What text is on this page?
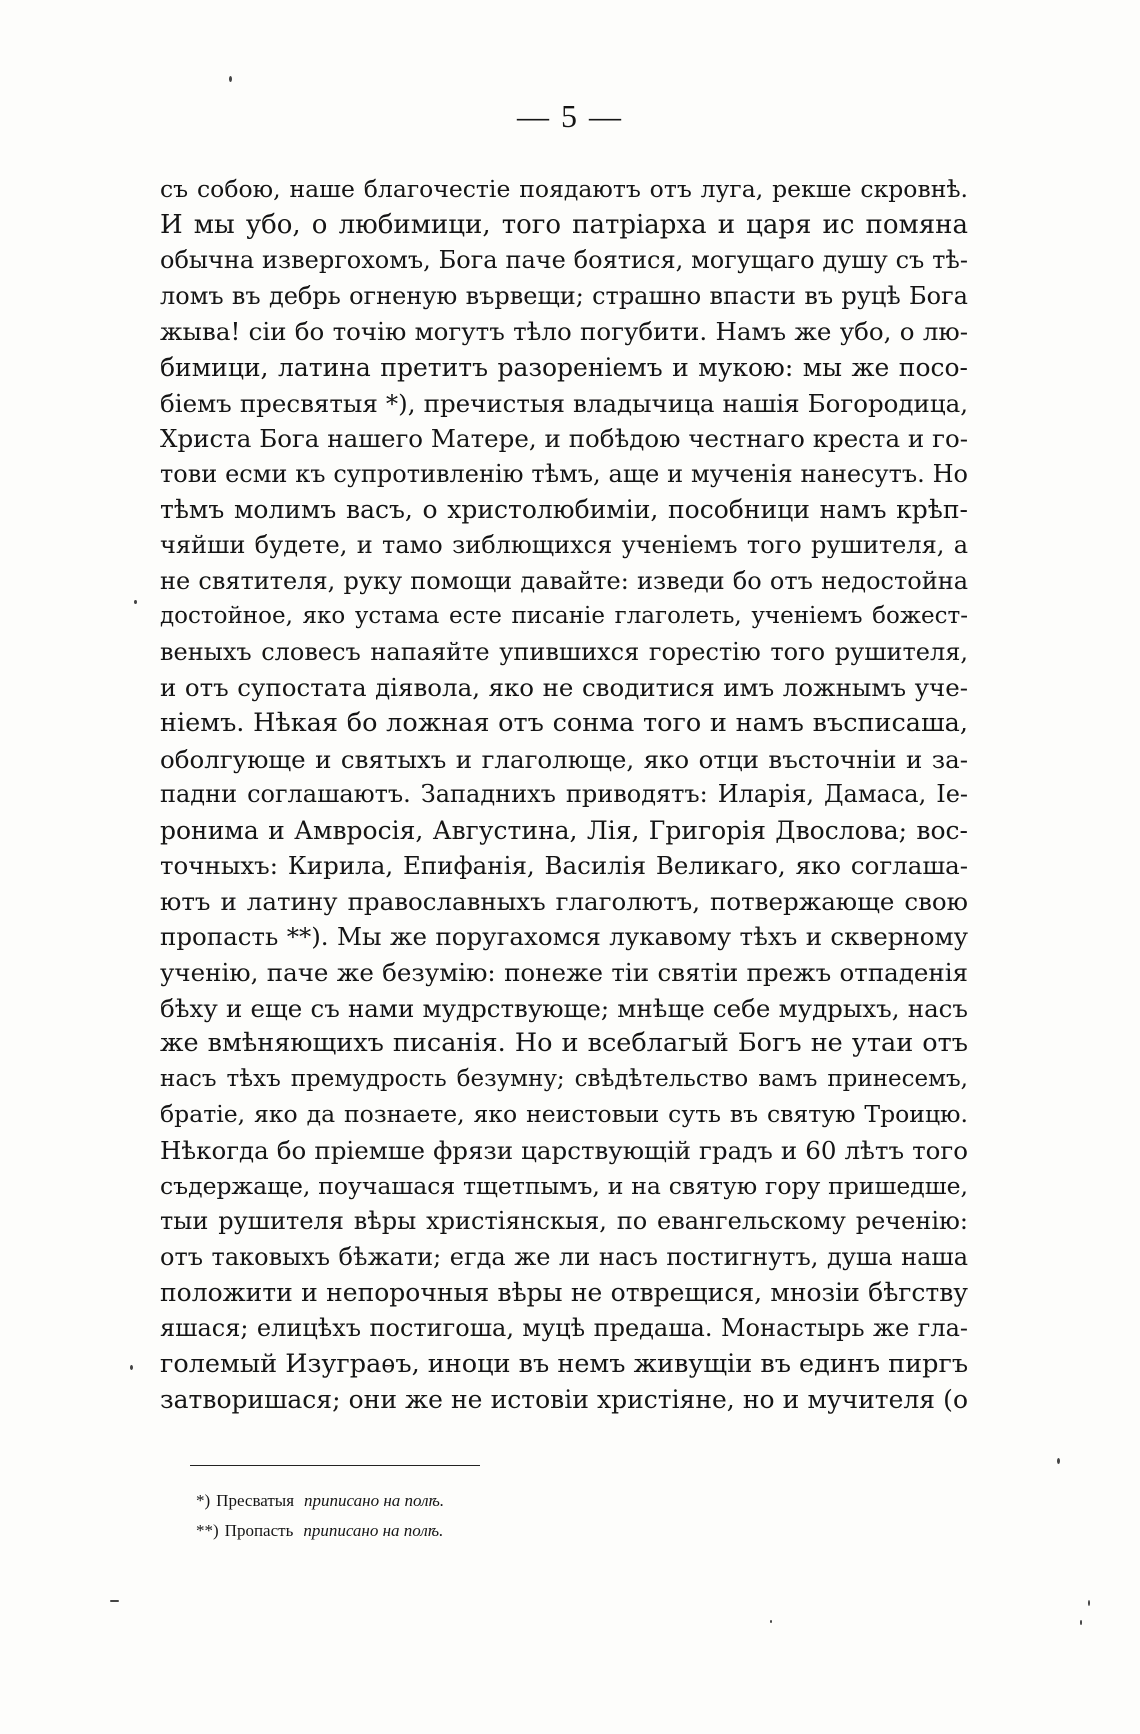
— 5 —
съ собою, наше благочестіе поядаютъ отъ луга, рекше скровнѣ.
И мы убо, о любимици, того патріарха и царя ис помяна
обычна извергохомъ, Бога паче боятися, могущаго душу съ тѣ-
ломъ въ дебрь огненую вървещи; страшно впасти въ руцѣ Бога
жыва! сіи бо точію могутъ тѣло погубити. Намъ же убо, о лю-
бимици, латина претитъ разореніемъ и мукою: мы же посо-
біемъ пресвятыя *), пречистыя владычица нашія Богородица,
Христа Бога нашего Матере, и побѣдою честнаго креста и го-
тови есми къ супротивленію тѣмъ, аще и мученія нанесутъ. Но
тѣмъ молимъ васъ, о христолюбиміи, пособници намъ крѣп-
чяйши будете, и тамо зиблющихся ученіемъ того рушителя, а
не святителя, руку помощи давайте: изведи бо отъ недостойна
достойное, яко устама есте писаніе глаголеть, ученіемъ божест-
веныхъ словесъ напаяйте упившихся горестію того рушителя,
и отъ супостата діявола, яко не сводитися имъ ложнымъ уче-
ніемъ. Нѣкая бо ложная отъ сонма того и намъ въсписаша,
оболгующе и святыхъ и глаголюще, яко отци въсточніи и за-
падни соглашаютъ. Западнихъ приводятъ: Иларія, Дамаса, Іе-
ронима и Амвросія, Августина, Лія, Григорія Двослова; вос-
точныхъ: Кирила, Епифанія, Василія Великаго, яко соглаша-
ютъ и латину православныхъ глаголютъ, потвержающе свою
пропасть **). Мы же поругахомся лукавому тѣхъ и скверному
ученію, паче же безумію: понеже тіи святіи прежъ отпаденія
бѣху и еще съ нами мудрствующе; мнѣще себе мудрыхъ, насъ
же вмѣняющихъ писанія. Но и всеблагый Богъ не утаи отъ
насъ тѣхъ премудрость безумну; свѣдѣтельство вамъ принесемъ,
братіе, яко да познаете, яко неистовыи суть въ святую Троицю.
Нѣкогда бо пріемше фрязи царствующій градъ и 60 лѣтъ того
съдержаще, поучашася тщетпымъ, и на святую гору пришедше,
тыи рушителя вѣры христіянскыя, по евангельскому реченію:
отъ таковыхъ бѣжати; егда же ли насъ постигнутъ, душа наша
положити и непорочныя вѣры не отврещися, мнозіи бѣгству
яшася; елицѣхъ постигоша, муцѣ предаша. Монастырь же гла-
големый Изуграѳъ, иноци въ немъ живущіи въ единъ пиргъ
затворишася; они же не истовіи христіяне, но и мучителя (о
*) Пресватыя приписано на полѣ.
**) Пропасть приписано на полѣ.
